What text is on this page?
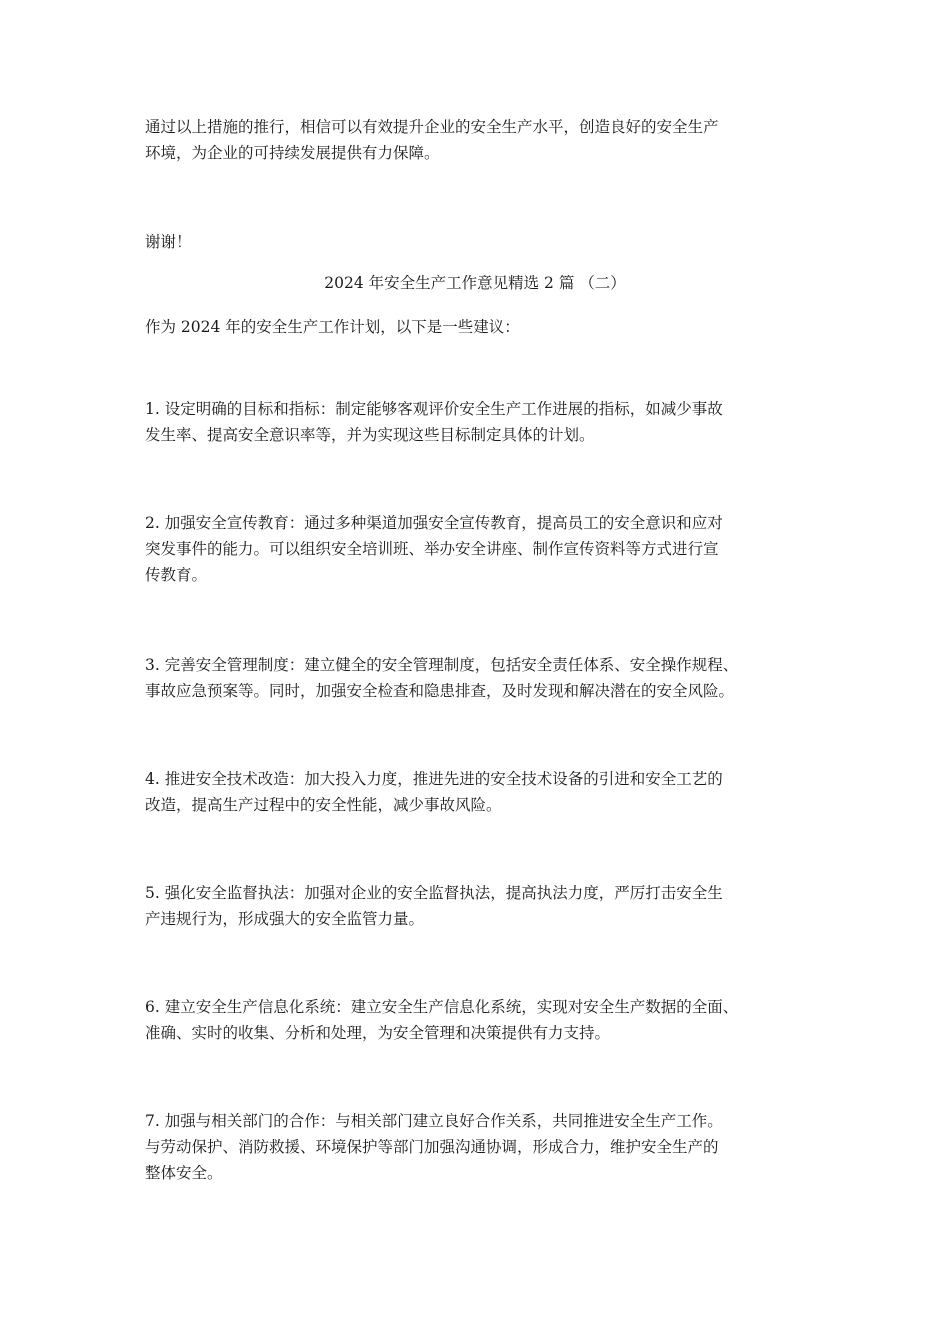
通过以上措施的推行，相信可以有效提升企业的安全生产水平，创造良好的安全生产
环境，为企业的可持续发展提供有力保障。
谢谢！
2024 年安全生产工作意见精选 2 篇 （二）
作为 2024 年的安全生产工作计划，以下是一些建议：
1. 设定明确的目标和指标：制定能够客观评价安全生产工作进展的指标，如减少事故
发生率、提高安全意识率等，并为实现这些目标制定具体的计划。
2. 加强安全宣传教育：通过多种渠道加强安全宣传教育，提高员工的安全意识和应对
突发事件的能力。可以组织安全培训班、举办安全讲座、制作宣传资料等方式进行宣
传教育。
3. 完善安全管理制度：建立健全的安全管理制度，包括安全责任体系、安全操作规程、
事故应急预案等。同时，加强安全检查和隐患排查，及时发现和解决潜在的安全风险。
4. 推进安全技术改造：加大投入力度，推进先进的安全技术设备的引进和安全工艺的
改造，提高生产过程中的安全性能，减少事故风险。
5. 强化安全监督执法：加强对企业的安全监督执法，提高执法力度，严厉打击安全生
产违规行为，形成强大的安全监管力量。
6. 建立安全生产信息化系统：建立安全生产信息化系统，实现对安全生产数据的全面、
准确、实时的收集、分析和处理，为安全管理和决策提供有力支持。
7. 加强与相关部门的合作：与相关部门建立良好合作关系，共同推进安全生产工作。
与劳动保护、消防救援、环境保护等部门加强沟通协调，形成合力，维护安全生产的
整体安全。
